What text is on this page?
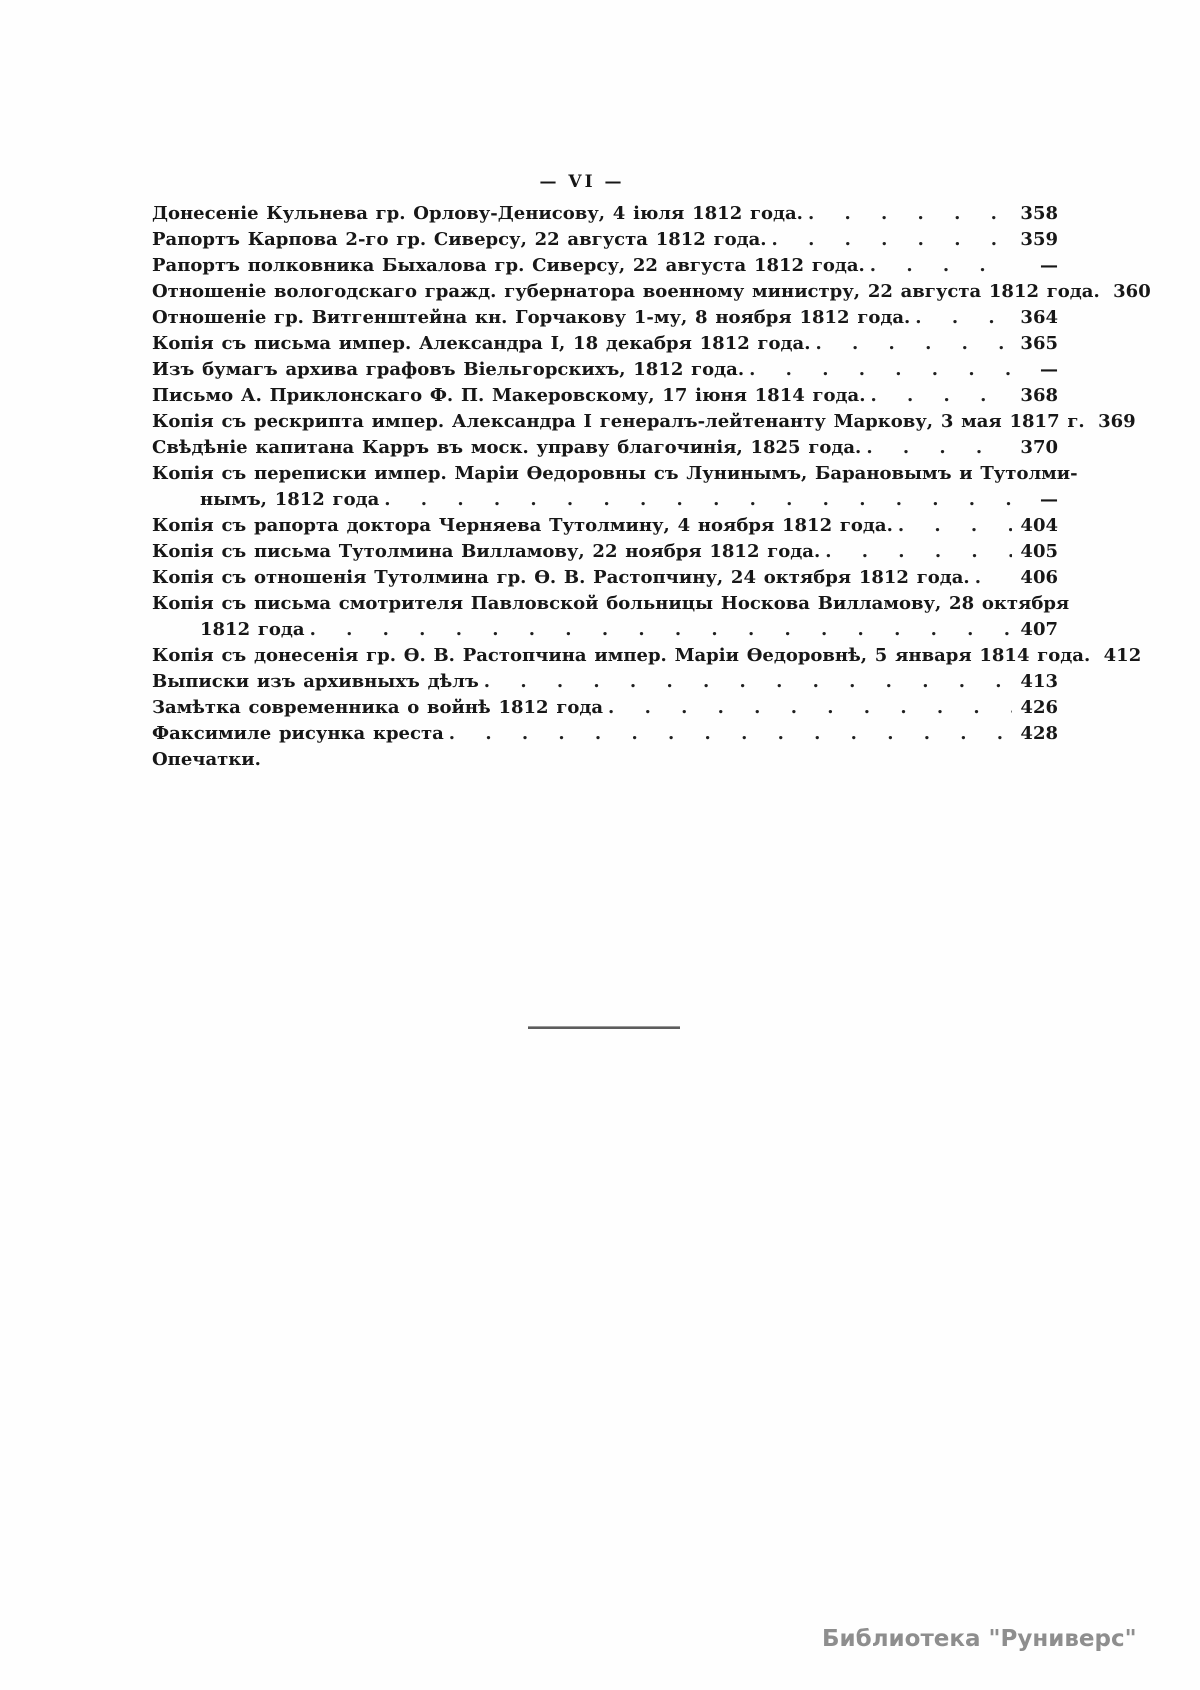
— VI —
Донесеніе Кульнева гр. Орлову-Денисову, 4 іюля 1812 года. . . .	358
Рапортъ Карпова 2-го гр. Сиверсу, 22 августа 1812 года. . . .	359
Рапортъ полковника Быхалова гр. Сиверсу, 22 августа 1812 года. . . .	—
Отношеніе вологодскаго гражд. губернатора военному министру, 22 августа 1812 года. . . . 360
Отношеніе гр. Витгенштейна кн. Горчакову 1-му, 8 ноября 1812 года. . . .	364
Копія съ письма импер. Александра I, 18 декабря 1812 года. . . .	365
Изъ бумагъ архива графовъ Віельгорскихъ, 1812 года. . . .	—
Письмо А. Приклонскаго Ф. П. Макеровскому, 17 іюня 1814 года. . . .	368
Копія съ рескрипта импер. Александра I генералъ-лейтенанту Маркову, 3 мая 1817 г. . . . 369
Свѣдѣніе капитана Карръ въ моск. управу благочинія, 1825 года. . . .	370
Копія съ переписки импер. Маріи Ѳедоровны съ Лунинымъ, Барановымъ и Тутолми-
нымъ, 1812 года . . .	—
Копія съ рапорта доктора Черняева Тутолмину, 4 ноября 1812 года. . . .	404
Копія съ письма Тутолмина Вилламову, 22 ноября 1812 года. . . .	405
Копія съ отношенія Тутолмина гр. Ѳ. В. Растопчину, 24 октября 1812 года. . . .	406
Копія съ письма смотрителя Павловской больницы Носкова Вилламову, 28 октября
1812 года . . .	407
Копія съ донесенія гр. Ѳ. В. Растопчина импер. Маріи Ѳедоровнѣ, 5 января 1814 года. . . . 412
Выписки изъ архивныхъ дѣлъ . . .	413
Замѣтка современника о войнѣ 1812 года . . .	426
Факсимиле рисунка креста . . .	428
Опечатки.
Библиотека "Руниверс"
